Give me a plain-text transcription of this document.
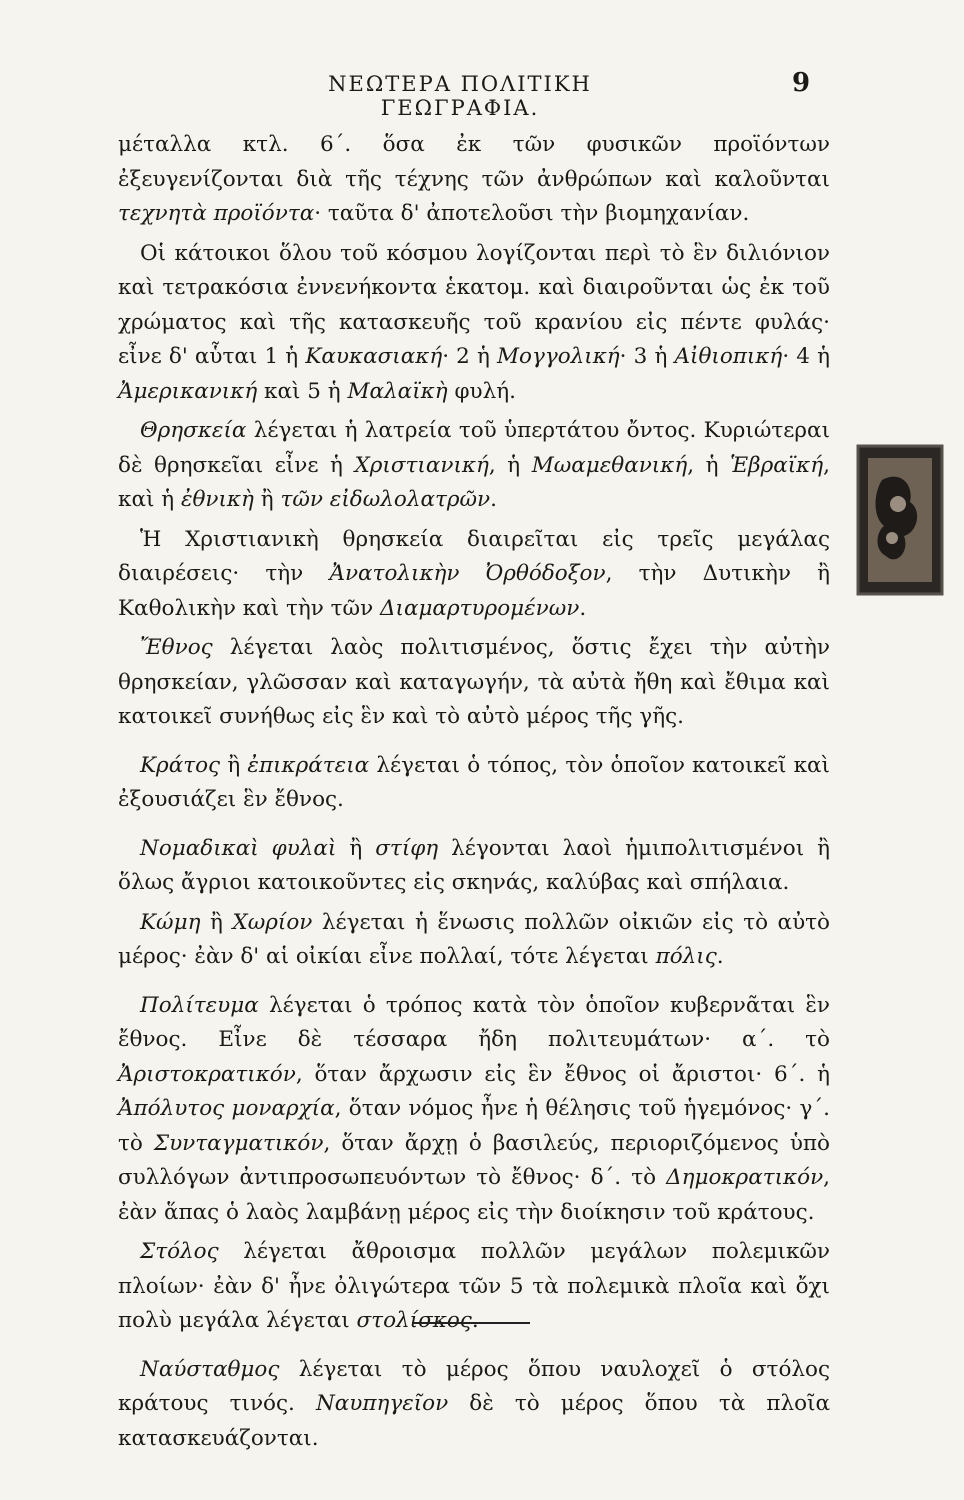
ΝΕΩΤΕΡΑ ΠΟΛΙΤΙΚΗ ΓΕΩΓΡΑΦΙΑ.
9

μέταλλα κτλ. 6΄. ὅσα ἐκ τῶν φυσικῶν προϊόντων ἐξευγενίζονται διὰ τῆς τέχνης τῶν ἀνθρώπων καὶ καλοῦνται τεχνητὰ προϊόντα· ταῦτα δ' ἀποτελοῦσι τὴν βιομηχανίαν.

Οἱ κάτοικοι ὅλου τοῦ κόσμου λογίζονται περὶ τὸ ἓν διλιόνιον καὶ τετρακόσια ἐννενήκοντα ἑκατομ. καὶ διαιροῦνται ὡς ἐκ τοῦ χρώματος καὶ τῆς κατασκευῆς τοῦ κρανίου εἰς πέντε φυλάς· εἶνε δ' αὗται 1 ἡ Καυκασιακή· 2 ἡ Μογγολική· 3 ἡ Αἰθιοπική· 4 ἡ Ἀμερικανική καὶ 5 ἡ Μαλαϊκὴ φυλή.

Θρησκεία λέγεται ἡ λατρεία τοῦ ὑπερτάτου ὄντος. Κυριώτεραι δὲ θρησκεῖαι εἶνε ἡ Χριστιανική, ἡ Μωαμεθανική, ἡ Ἑβραϊκή, καὶ ἡ ἐθνικὴ ἢ τῶν εἰδωλολατρῶν.

Ἡ Χριστιανικὴ θρησκεία διαιρεῖται εἰς τρεῖς μεγάλας διαιρέσεις· τὴν Ἀνατολικὴν Ὀρθόδοξον, τὴν Δυτικὴν ἢ Καθολικὴν καὶ τὴν τῶν Διαμαρτυρομένων.

Ἔθνος λέγεται λαὸς πολιτισμένος, ὅστις ἔχει τὴν αὐτὴν θρησκείαν, γλῶσσαν καὶ καταγωγήν, τὰ αὐτὰ ἤθη καὶ ἔθιμα καὶ κατοικεῖ συνήθως εἰς ἓν καὶ τὸ αὐτὸ μέρος τῆς γῆς.

Κράτος ἢ ἐπικράτεια λέγεται ὁ τόπος, τὸν ὁποῖον κατοικεῖ καὶ ἐξουσιάζει ἓν ἔθνος.

Νομαδικαὶ φυλαὶ ἢ στίφη λέγονται λαοὶ ἡμιπολιτισμένοι ἢ ὅλως ἄγριοι κατοικοῦντες εἰς σκηνάς, καλύβας καὶ σπήλαια.

Κώμη ἢ Χωρίον λέγεται ἡ ἕνωσις πολλῶν οἰκιῶν εἰς τὸ αὐτὸ μέρος· ἐὰν δ' αἱ οἰκίαι εἶνε πολλαί, τότε λέγεται πόλις.

Πολίτευμα λέγεται ὁ τρόπος κατὰ τὸν ὁποῖον κυβερνᾶται ἓν ἔθνος. Εἶνε δὲ τέσσαρα ἤδη πολιτευμάτων· α΄. τὸ Ἀριστοκρατικόν, ὅταν ἄρχωσιν εἰς ἓν ἔθνος οἱ ἄριστοι· 6΄. ἡ Ἀπόλυτος μοναρχία, ὅταν νόμος ἦνε ἡ θέλησις τοῦ ἡγεμόνος· γ΄. τὸ Συνταγματικόν, ὅταν ἄρχῃ ὁ βασιλεύς, περιοριζόμενος ὑπὸ συλλόγων ἀντιπροσωπευόντων τὸ ἔθνος· δ΄. τὸ Δημοκρατικόν, ἐὰν ἅπας ὁ λαὸς λαμβάνῃ μέρος εἰς τὴν διοίκησιν τοῦ κράτους.

Στόλος λέγεται ἄθροισμα πολλῶν μεγάλων πολεμικῶν πλοίων· ἐὰν δ' ἦνε ὀλιγώτερα τῶν 5 τὰ πολεμικὰ πλοῖα καὶ ὄχι πολὺ μεγάλα λέγεται στολίσκος.

Ναύσταθμος λέγεται τὸ μέρος ὅπου ναυλοχεῖ ὁ στόλος κράτους τινός. Ναυπηγεῖον δὲ τὸ μέρος ὅπου τὰ πλοῖα κατασκευάζονται.
